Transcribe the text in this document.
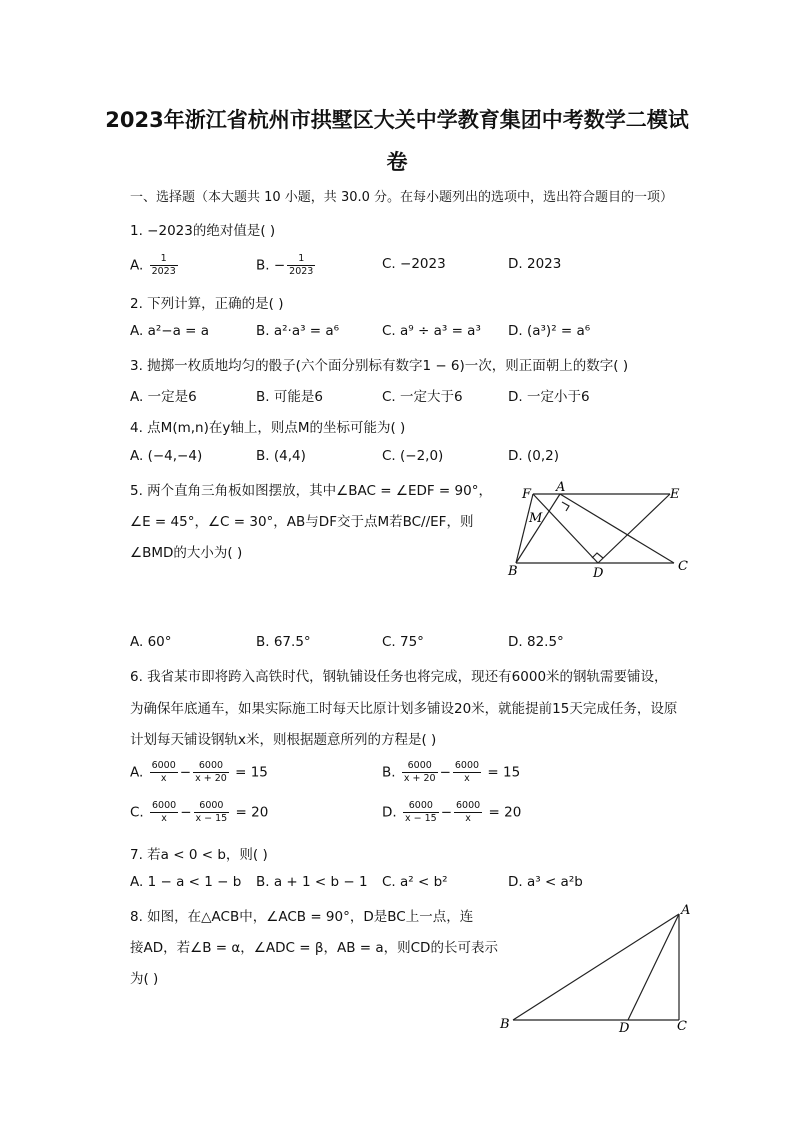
2023年浙江省杭州市拱墅区大关中学教育集团中考数学二模试
卷
一、选择题（本大题共 10 小题，共 30.0 分。在每小题列出的选项中，选出符合题目的一项）
1. −2023的绝对值是( )
A. $\frac{1}{2023}$	B. − $\frac{1}{2023}$	C. −2023	D. 2023
2. 下列计算，正确的是( )
A. a²−a = a	B. a²·a³ = a⁶	C. a⁹ ÷ a³ = a³ D. (a³)² = a⁶
3. 抛掷一枚质地均匀的骰子(六个面分别标有数字1 − 6)一次，则正面朝上的数字( )
A. 一定是6	B. 可能是6	C. 一定大于6	D. 一定小于6
4. 点M(m,n)在y轴上，则点M的坐标可能为( )
A. (−4,−4)	B. (4,4)	C. (−2,0)	D. (0,2)
5. 两个直角三角板如图摆放，其中∠BAC = ∠EDF = 90°，
∠E = 45°，∠C = 30°，AB与DF交于点M若BC//EF，则
∠BMD的大小为( )
F A	E
M
B	D	C
A. 60°	B. 67.5°	C. 75°	D. 82.5°
6. 我省某市即将跨入高铁时代，钢轨铺设任务也将完成，现还有6000米的钢轨需要铺设，
为确保年底通车，如果实际施工时每天比原计划多铺设20米，就能提前15天完成任务，设原
计划每天铺设钢轨x米，则根据题意所列的方程是( )
A. $\frac{6000}{x} - \frac{6000}{x + 20} = 15$	B. $\frac{6000}{x + 20} - \frac{6000}{x} = 15$
C. $\frac{6000}{x} - \frac{6000}{x - 15} = 20$	D. $\frac{6000}{x - 15} - \frac{6000}{x} = 20$
7. 若a < 0 < b，则( )
A. 1 − a < 1 − b B. a + 1 < b − 1 C. a² < b²	D. a³ < a²b
8. 如图，在△ACB中，∠ACB = 90°，D是BC上一点，连
接AD，若∠B = α，∠ADC = β，AB = a，则CD的长可表示
为( )
A
B	D	C
